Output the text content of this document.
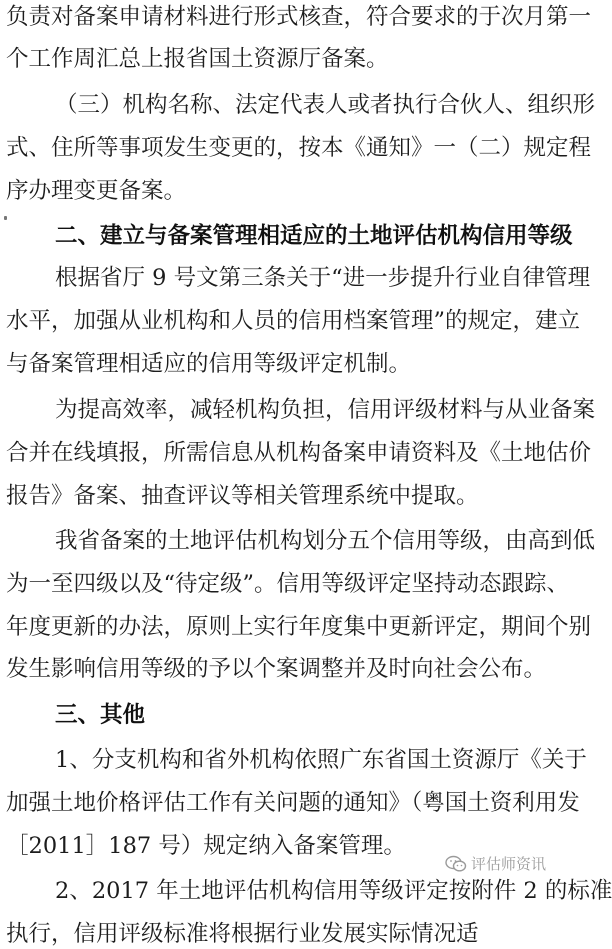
负责对备案申请材料进行形式核查，符合要求的于次月第一

个工作周汇总上报省国土资源厅备案。

（三）机构名称、法定代表人或者执行合伙人、组织形

式、住所等事项发生变更的，按本《通知》一（二）规定程

序办理变更备案。

二、建立与备案管理相适应的土地评估机构信用等级

根据省厅 9 号文第三条关于“进一步提升行业自律管理

水平，加强从业机构和人员的信用档案管理”的规定，建立

与备案管理相适应的信用等级评定机制。

为提高效率，减轻机构负担，信用评级材料与从业备案

合并在线填报，所需信息从机构备案申请资料及《土地估价

报告》备案、抽查评议等相关管理系统中提取。

我省备案的土地评估机构划分五个信用等级，由高到低

为一至四级以及“待定级”。信用等级评定坚持动态跟踪、

年度更新的办法，原则上实行年度集中更新评定，期间个别

发生影响信用等级的予以个案调整并及时向社会公布。

三、其他

1、分支机构和省外机构依照广东省国土资源厅《关于

加强土地价格评估工作有关问题的通知》（粤国土资利用发

［2011］187 号）规定纳入备案管理。

2、2017 年土地评估机构信用等级评定按附件 2 的标准

执行，信用评级标准将根据行业发展实际情况适

评估师资讯
